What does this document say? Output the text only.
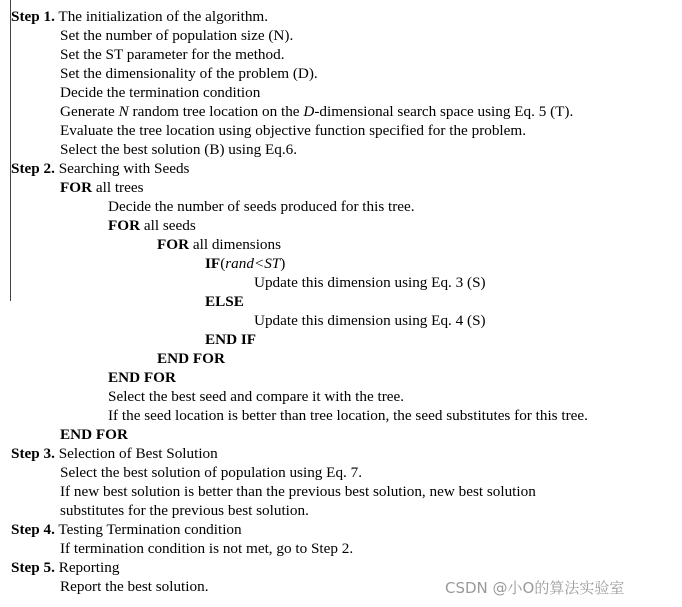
Step 1. The initialization of the algorithm.
Set the number of population size (N).
Set the ST parameter for the method.
Set the dimensionality of the problem (D).
Decide the termination condition
Generate N random tree location on the D-dimensional search space using Eq. 5 (T).
Evaluate the tree location using objective function specified for the problem.
Select the best solution (B) using Eq.6.
Step 2. Searching with Seeds
FOR all trees
Decide the number of seeds produced for this tree.
FOR all seeds
FOR all dimensions
IF(rand<ST)
Update this dimension using Eq. 3 (S)
ELSE
Update this dimension using Eq. 4 (S)
END IF
END FOR
END FOR
Select the best seed and compare it with the tree.
If the seed location is better than tree location, the seed substitutes for this tree.
END FOR
Step 3. Selection of Best Solution
Select the best solution of population using Eq. 7.
If new best solution is better than the previous best solution, new best solution
substitutes for the previous best solution.
Step 4. Testing Termination condition
If termination condition is not met, go to Step 2.
Step 5. Reporting
Report the best solution.	CSDN @小O的算法实验室
